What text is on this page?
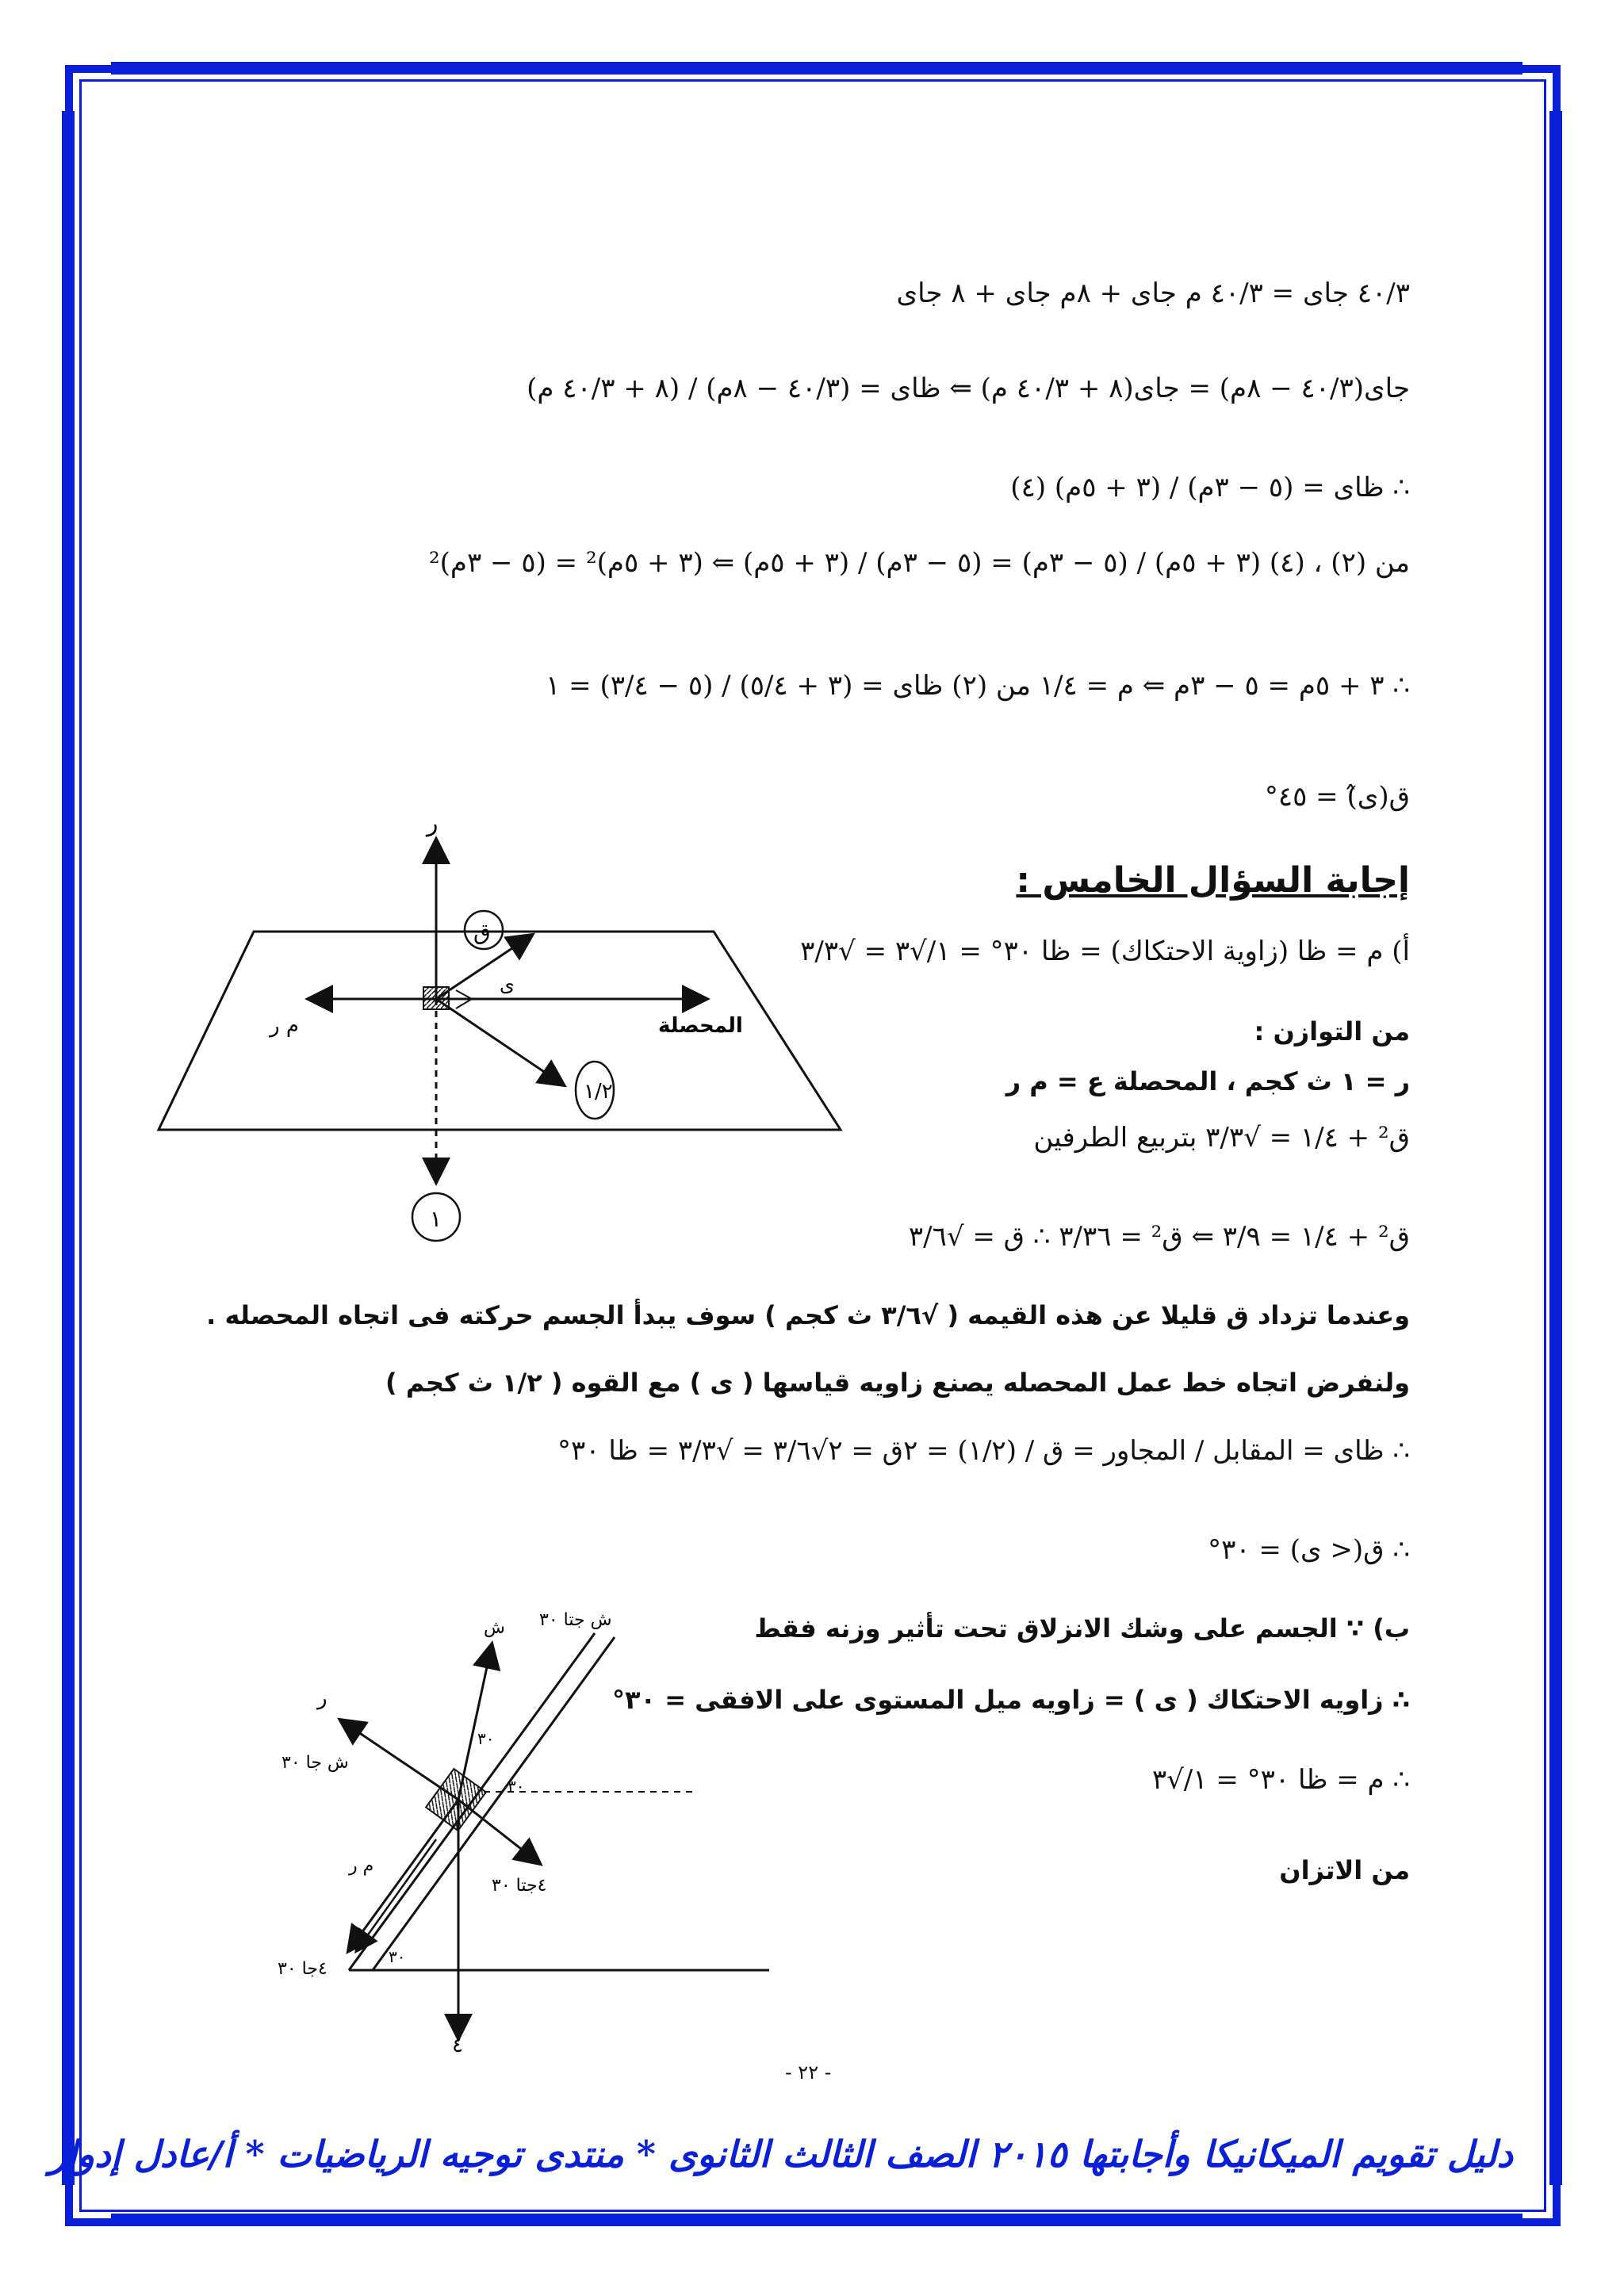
٤٠/٣ جاى = ٤٠/٣ م جاى + ٨م جاى + ٨ جاى
جاى(٤٠/٣ − ٨م) = جاى(٨ + ٤٠/٣ م) ⇐ ظاى = (٤٠/٣ − ٨م) / (٨ + ٤٠/٣ م)
∴ ظاى = (٥ − ٣م) / (٣ + ٥م) (٤)
من (٢) ، (٤) (٣ + ٥م) / (٥ − ٣م) = (٥ − ٣م) / (٣ + ٥م) ⇐ (٣ + ٥م)² = (٥ − ٣م)²
∴ ٣ + ٥م = ٥ − ٣م ⇐ م = ١/٤ من (٢) ظاى = (٣ + ٥/٤) / (٥ − ٣/٤) = ١
ق(ى̂) = ٤٥°
إجابة السؤال الخامس :
أ) م = ظا (زاوية الاحتكاك) = ظا ٣٠° = ١/√٣ = √٣/٣
من التوازن :
ر = ١ ث كجم ، المحصلة ع = م ر
ق² + ١/٤ = √٣/٣ بتربيع الطرفين
ق² + ١/٤ = ٣/٩ ⇐ ق² = ٣/٣٦ ∴ ق = √٣/٦
وعندما تزداد ق قليلا عن هذه القيمه ( √٣/٦ ث كجم ) سوف يبدأ الجسم حركته فى اتجاه المحصله .
ولنفرض اتجاه خط عمل المحصله يصنع زاويه قياسها ( ى ) مع القوه ( ١/٢ ث كجم )
∴ ظاى = المقابل / المجاور = ق / (١/٢) = ٢ق = ٢√٣/٦ = √٣/٣ = ظا ٣٠°
∴ ق(< ى) = ٣٠°
ب) ∵ الجسم على وشك الانزلاق تحت تأثير وزنه فقط
∴ زاويه الاحتكاك ( ى ) = زاويه ميل المستوى على الافقى = ٣٠°
∴ م = ظا ٣٠° = ١/√٣
من الاتزان
ر
ق
١/٢
١
المحصلة
م ر
ى
ش جتا ٣٠
ش
ر
ش جا ٣٠
م ر
٤جتا ٣٠
٤جا ٣٠
٤
٣٠
٣٠
٣٠
- ٢٢ -
دليل تقويم الميكانيكا وأجابتها ٢٠١٥ الصف الثالث الثانوى * منتدى توجيه الرياضيات * أ/عادل إدوار
